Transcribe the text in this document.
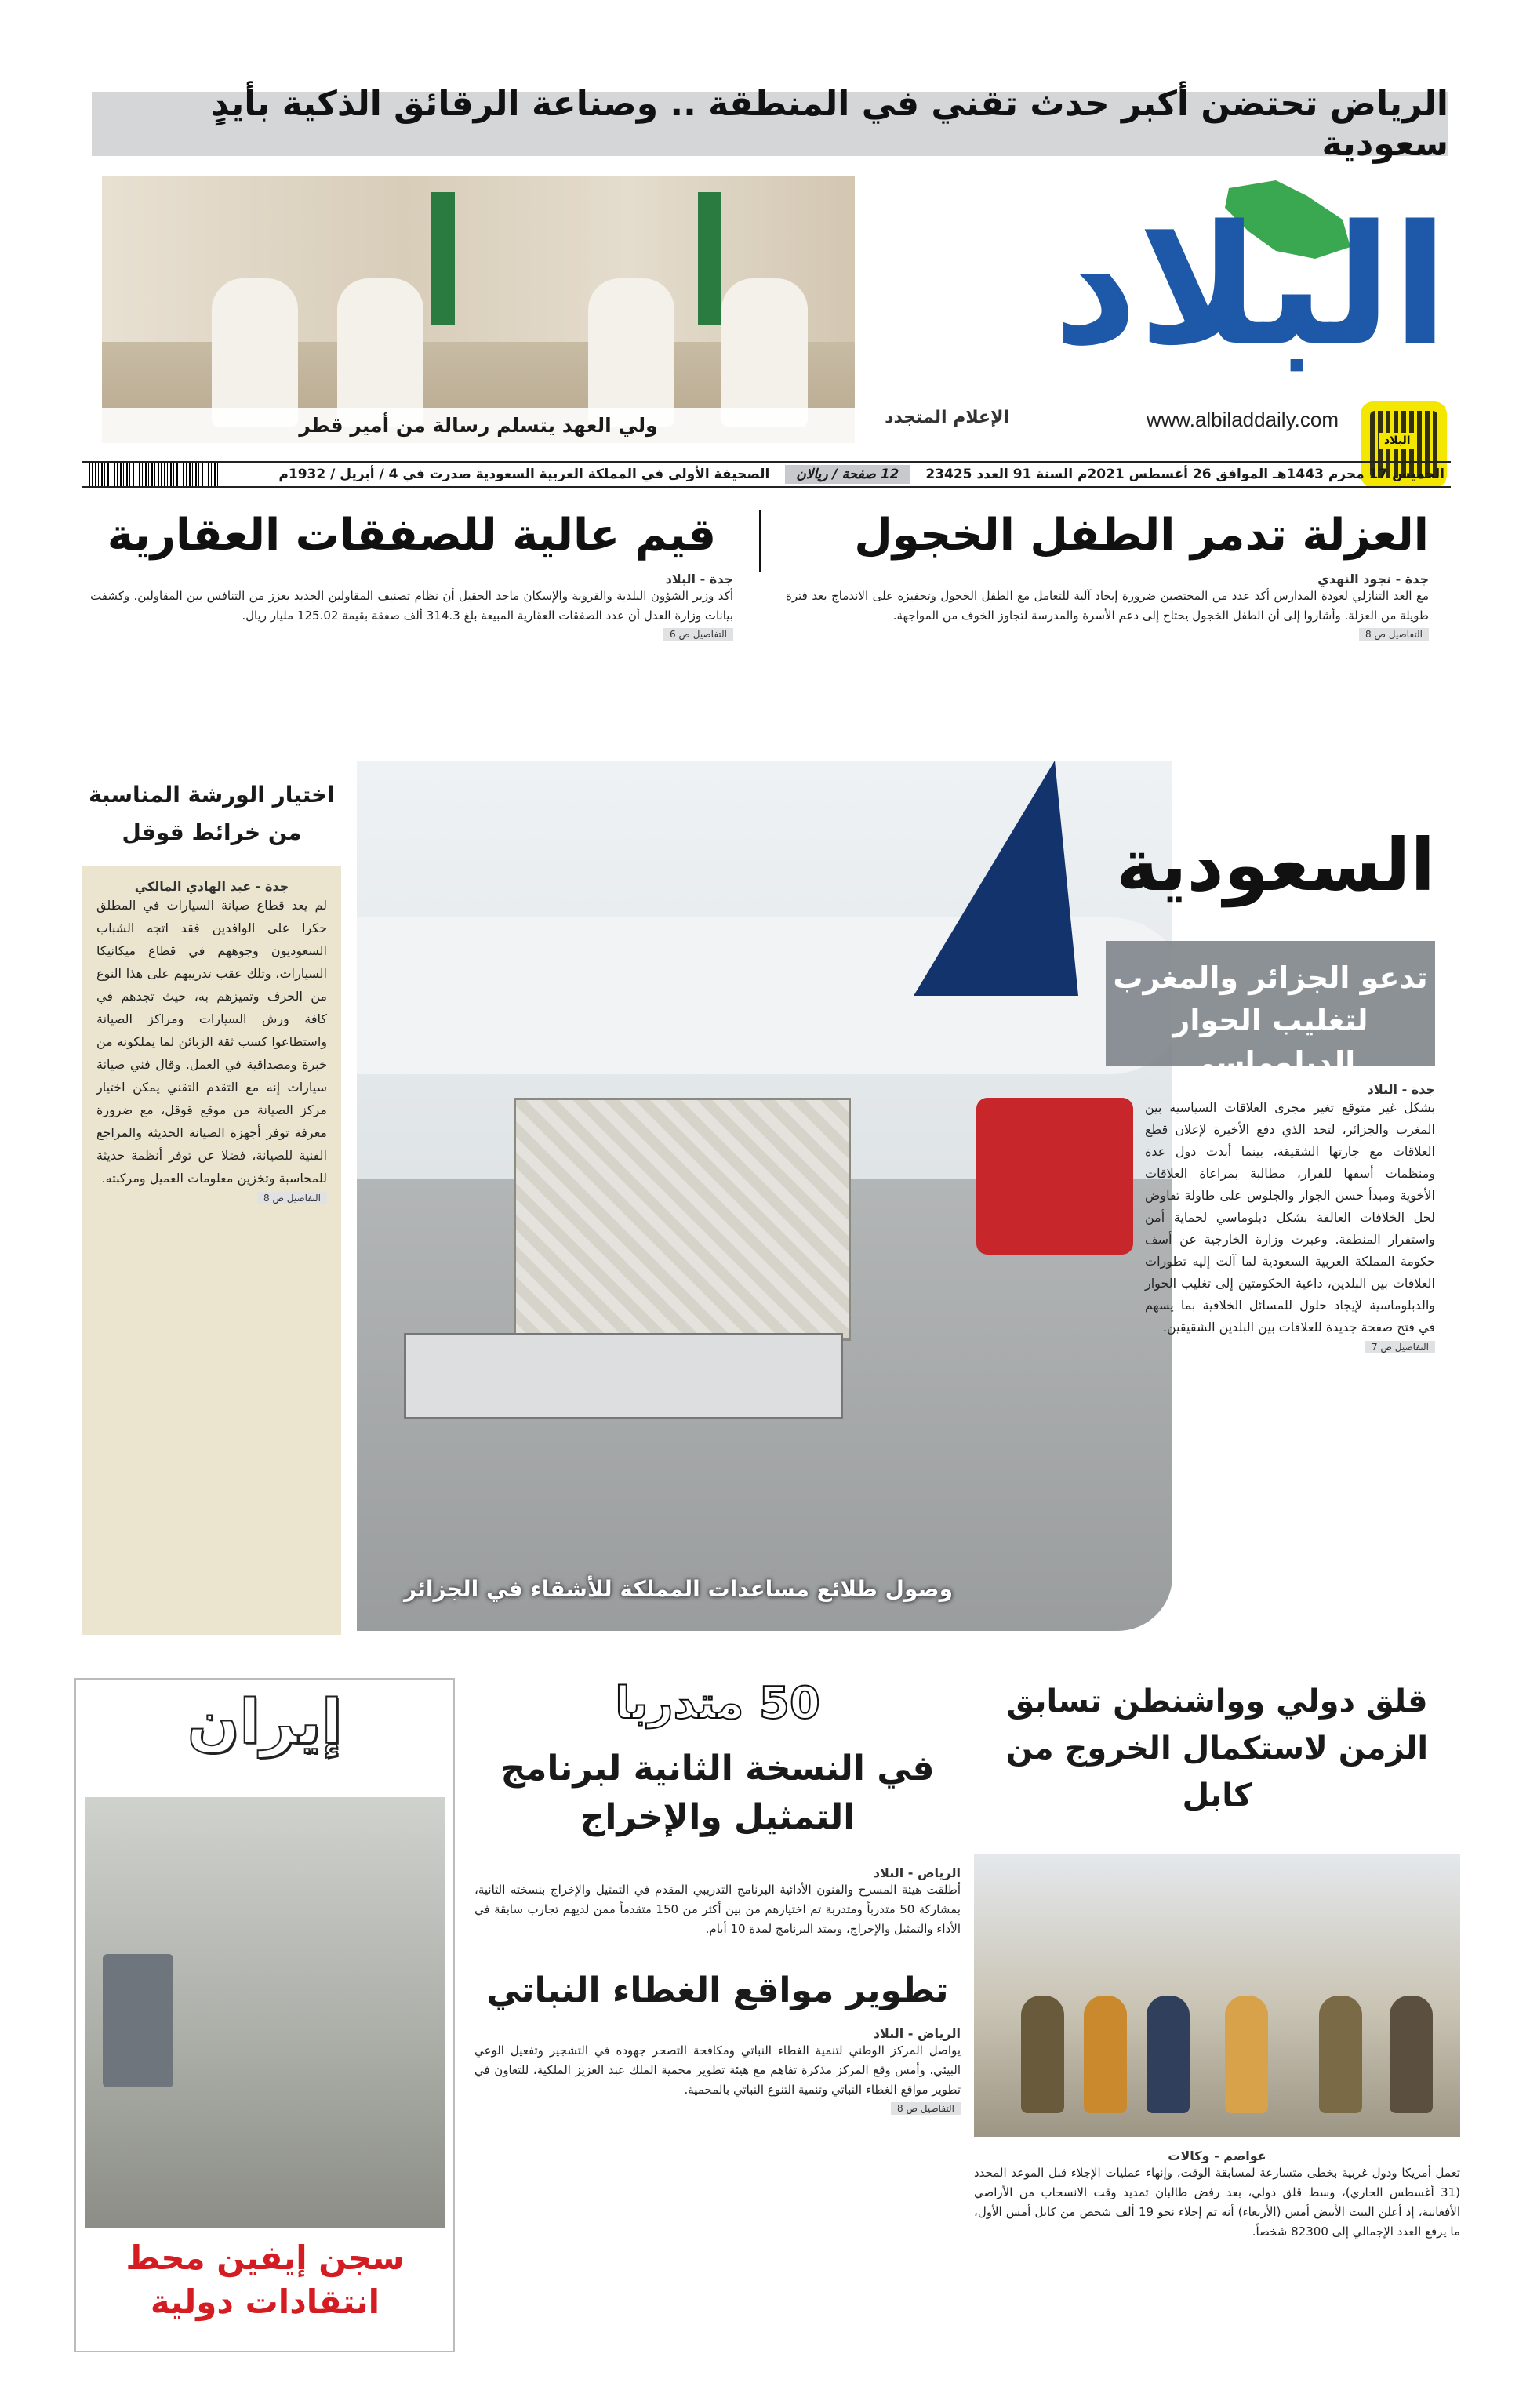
الرياض تحتضن أكبر حدث تقني في المنطقة .. وصناعة الرقائق الذكية بأيدٍ سعودية
البلاد
البلاد
www.albiladdaily.com
الإعلام المتجدد
ولي العهد يتسلم رسالة من أمير قطر
الخميس 17 محرم 1443هـ الموافق 26 أغسطس 2021م السنة 91 العدد 23425
12 صفحة / ريالان
الصحيفة الأولى في المملكة العربية السعودية صدرت في 4 / أبريل / 1932م
العزلة تدمر الطفل الخجول
جدة - نجود النهدي

مع العد التنازلي لعودة المدارس أكد عدد من المختصين ضرورة إيجاد آلية للتعامل مع الطفل الخجول وتحفيزه على الاندماج بعد فترة طويلة من العزلة. وأشاروا إلى أن الطفل الخجول يحتاج إلى دعم الأسرة والمدرسة لتجاوز الخوف من المواجهة.

التفاصيل ص 8
قيم عالية للصفقات العقارية
جدة - البلاد

أكد وزير الشؤون البلدية والقروية والإسكان ماجد الحقيل أن نظام تصنيف المقاولين الجديد يعزز من التنافس بين المقاولين. وكشفت بيانات وزارة العدل أن عدد الصفقات العقارية المبيعة بلغ 314.3 ألف صفقة بقيمة 125.02 مليار ريال.

التفاصيل ص 6
وصول طلائع مساعدات المملكة للأشقاء في الجزائر
السعودية
تدعو الجزائر والمغرب لتغليب الحوار الدبلوماسي
جدة - البلاد

بشكل غير متوقع تغير مجرى العلاقات السياسية بين المغرب والجزائر، لتحد الذي دفع الأخيرة لإعلان قطع العلاقات مع جارتها الشقيقة، بينما أبدت دول عدة ومنظمات أسفها للقرار، مطالبة بمراعاة العلاقات الأخوية ومبدأ حسن الجوار والجلوس على طاولة تفاوض لحل الخلافات العالقة بشكل دبلوماسي لحماية أمن واستقرار المنطقة. وعبرت وزارة الخارجية عن أسف حكومة المملكة العربية السعودية لما آلت إليه تطورات العلاقات بين البلدين، داعية الحكومتين إلى تغليب الحوار والدبلوماسية لإيجاد حلول للمسائل الخلافية بما يسهم في فتح صفحة جديدة للعلاقات بين البلدين الشقيقين.

التفاصيل ص 7
اختيار الورشة المناسبة من خرائط قوقل
جدة - عبد الهادي المالكي

لم يعد قطاع صيانة السيارات في المطلق حكرا على الوافدين فقد اتجه الشباب السعوديون وجوههم في قطاع ميكانيكا السيارات، وتلك عقب تدريبهم على هذا النوع من الحرف وتميزهم به، حيث تجدهم في كافة ورش السيارات ومراكز الصيانة واستطاعوا كسب ثقة الزبائن لما يملكونه من خبرة ومصداقية في العمل. وقال فني صيانة سيارات إنه مع التقدم التقني يمكن اختيار مركز الصيانة من موقع قوقل، مع ضرورة معرفة توفر أجهزة الصيانة الحديثة والمراجع الفنية للصيانة، فضلا عن توفر أنظمة حديثة للمحاسبة وتخزين معلومات العميل ومركبته.

التفاصيل ص 8
إيران
سجن إيفين محط انتقادات دولية
50 متدربا
في النسخة الثانية لبرنامج التمثيل والإخراج
الرياض - البلاد

أطلقت هيئة المسرح والفنون الأدائية البرنامج التدريبي المقدم في التمثيل والإخراج بنسخته الثانية، بمشاركة 50 متدرباً ومتدربة تم اختيارهم من بين أكثر من 150 متقدماً ممن لديهم تجارب سابقة في الأداء والتمثيل والإخراج، ويمتد البرنامج لمدة 10 أيام.

تطوير مواقع الغطاء النباتي
الرياض - البلاد

يواصل المركز الوطني لتنمية الغطاء النباتي ومكافحة التصحر جهوده في التشجير وتفعيل الوعي البيئي، وأمس وقع المركز مذكرة تفاهم مع هيئة تطوير محمية الملك عبد العزيز الملكية، للتعاون في تطوير مواقع الغطاء النباتي وتنمية التنوع النباتي بالمحمية.

التفاصيل ص 8
قلق دولي وواشنطن تسابق الزمن لاستكمال الخروج من كابل
عواصم - وكالات

تعمل أمريكا ودول غربية بخطى متسارعة لمسابقة الوقت، وإنهاء عمليات الإجلاء قبل الموعد المحدد (31 أغسطس الجاري)، وسط قلق دولي، بعد رفض طالبان تمديد وقت الانسحاب من الأراضي الأفغانية، إذ أعلن البيت الأبيض أمس (الأربعاء) أنه تم إجلاء نحو 19 ألف شخص من كابل أمس الأول، ما يرفع العدد الإجمالي إلى 82300 شخصاً.
